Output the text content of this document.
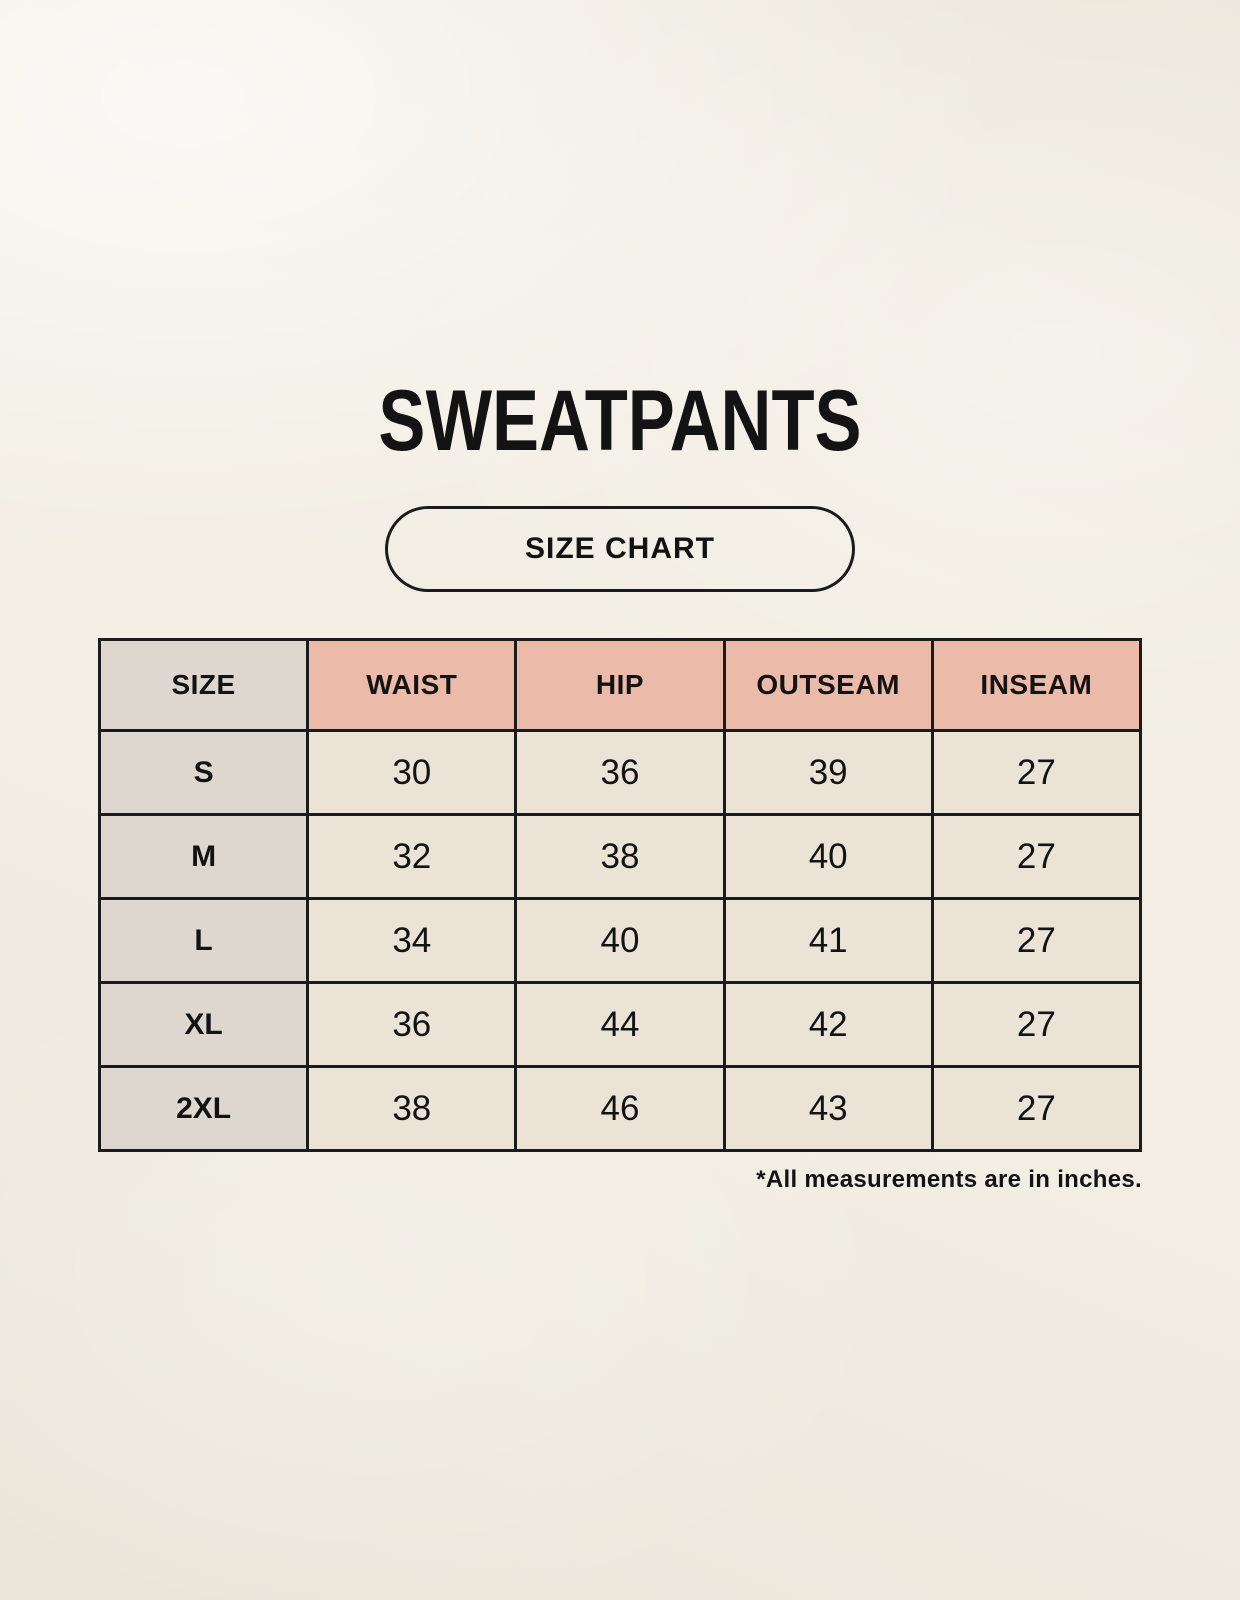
SWEATPANTS
SIZE CHART
SIZE	WAIST	HIP	OUTSEAM	INSEAM
S	30	36	39	27
M	32	38	40	27
L	34	40	41	27
XL	36	44	42	27
2XL	38	46	43	27
*All measurements are in inches.
